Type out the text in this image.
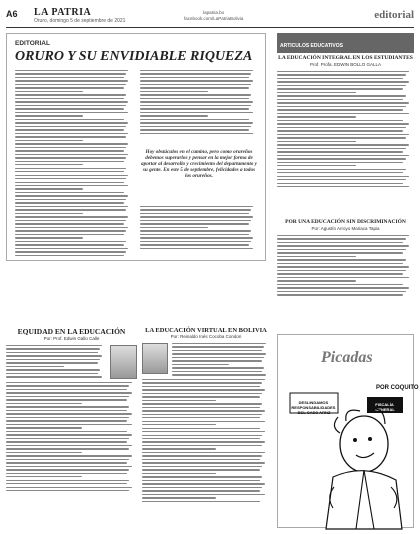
A6 LA PATRIA
Oruro, domingo 5 de septiembre de 2021
lapatria.bo
facebook.com/LaPatriaBolivia	editorial
EDITORIAL
ORURO Y SU ENVIDIABLE RIQUEZA
Hoy obstáculos en el camino, pero como orureños debemos superarlos y pensar en la mejor forma de aportar al desarrollo y crecimiento del departamento y su gente. En este 5 de septiembre, felicidades a todos los orureños.
ARTICULOS EDUCATIVOS
LA EDUCACIÓN INTEGRAL EN LOS ESTUDIANTES
Prof. Profa. EDWIN BOLLO GALLA
POR UNA EDUCACIÓN SIN DISCRIMINACIÓN
Por: Agustín Arroyo Mariaca Tapia
EQUIDAD EN LA EDUCACIÓN
Por: Prof. Edwin Gallo Calle
LA EDUCACIÓN VIRTUAL EN BOLIVIA
Por: Reinaldo Inés Cocoba Condori
Picadas
POR COQUITO
DESLINDAMOS RESPONSABILIDADES DEL CASO ARNZ
FISCALÍA GENERAL
